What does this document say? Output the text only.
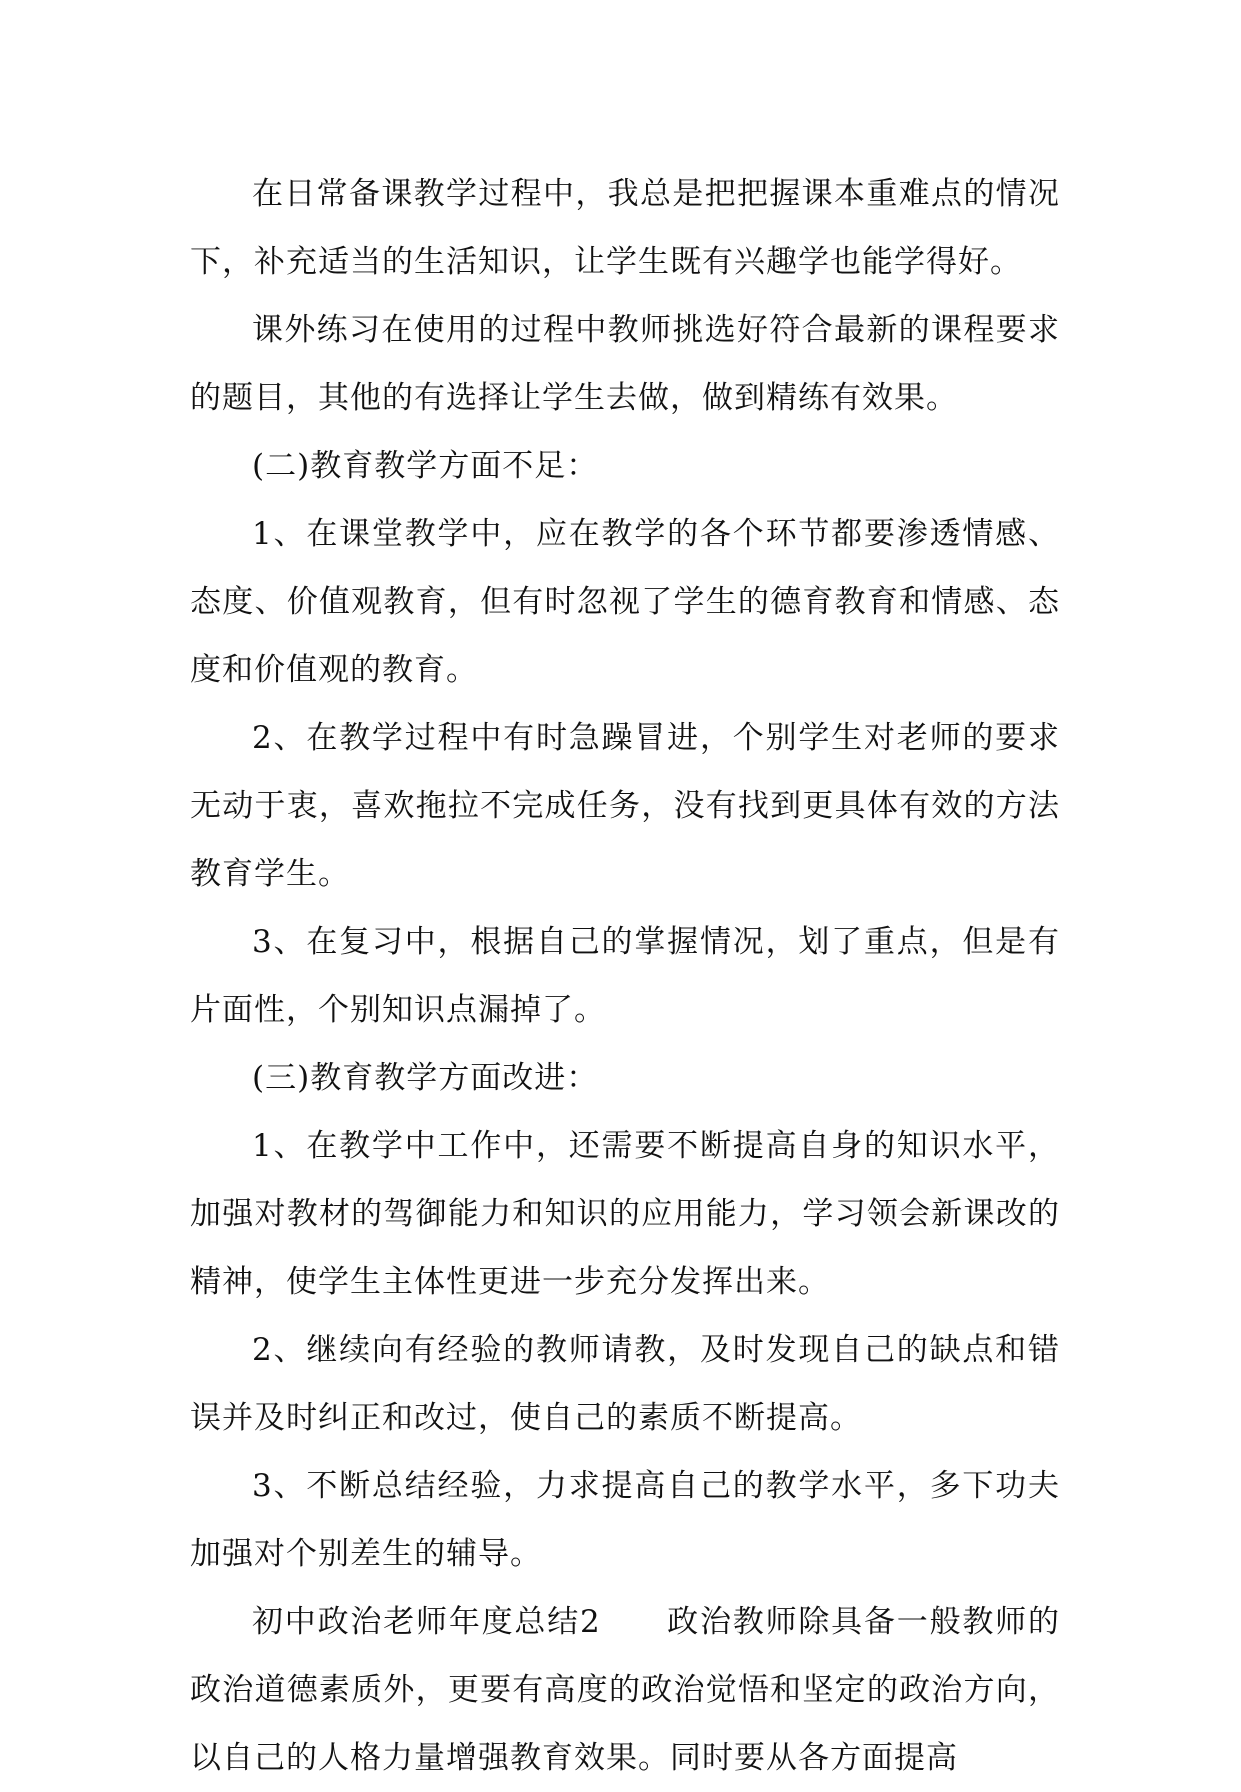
在日常备课教学过程中，我总是把把握课本重难点的情况下，补充适当的生活知识，让学生既有兴趣学也能学得好。

课外练习在使用的过程中教师挑选好符合最新的课程要求的题目，其他的有选择让学生去做，做到精练有效果。

(二)教育教学方面不足：

1、在课堂教学中，应在教学的各个环节都要渗透情感、态度、价值观教育，但有时忽视了学生的德育教育和情感、态度和价值观的教育。

2、在教学过程中有时急躁冒进，个别学生对老师的要求无动于衷，喜欢拖拉不完成任务，没有找到更具体有效的方法教育学生。

3、在复习中，根据自己的掌握情况，划了重点，但是有片面性，个别知识点漏掉了。

(三)教育教学方面改进：

1、在教学中工作中，还需要不断提高自身的知识水平，加强对教材的驾御能力和知识的应用能力，学习领会新课改的精神，使学生主体性更进一步充分发挥出来。

2、继续向有经验的教师请教，及时发现自己的缺点和错误并及时纠正和改过，使自己的素质不断提高。

3、不断总结经验，力求提高自己的教学水平，多下功夫加强对个别差生的辅导。

初中政治老师年度总结2　　政治教师除具备一般教师的政治道德素质外，更要有高度的政治觉悟和坚定的政治方向，以自己的人格力量增强教育效果。同时要从各方面提高
